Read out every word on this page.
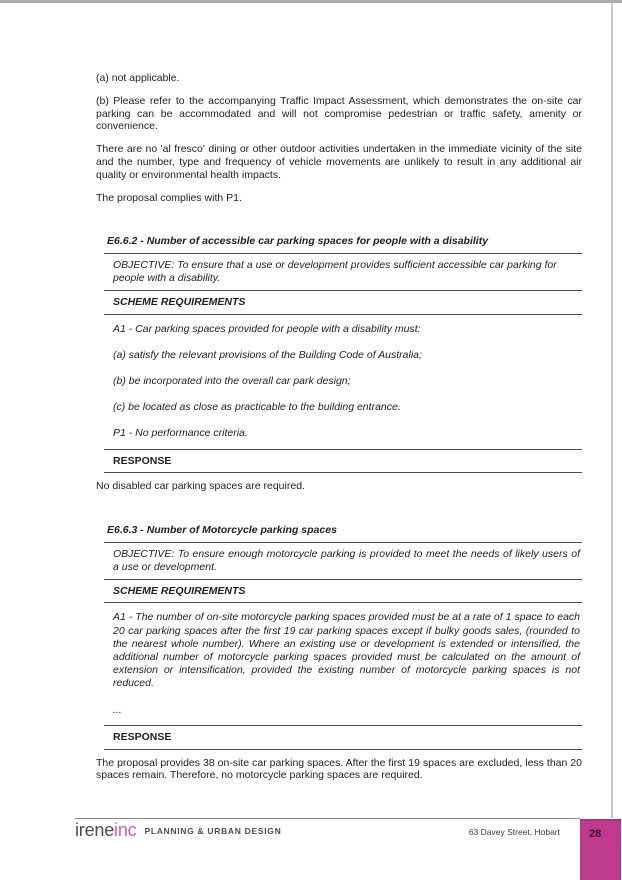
(a) not applicable.

(b) Please refer to the accompanying Traffic Impact Assessment, which demonstrates the on-site car parking can be accommodated and will not compromise pedestrian or traffic safety, amenity or convenience.

There are no 'al fresco' dining or other outdoor activities undertaken in the immediate vicinity of the site and the number, type and frequency of vehicle movements are unlikely to result in any additional air quality or environmental health impacts.

The proposal complies with P1.

E6.6.2 - Number of accessible car parking spaces for people with a disability
OBJECTIVE: To ensure that a use or development provides sufficient accessible car parking for people with a disability.
SCHEME REQUIREMENTS

A1 - Car parking spaces provided for people with a disability must:

(a) satisfy the relevant provisions of the Building Code of Australia;

(b) be incorporated into the overall car park design;

(c) be located as close as practicable to the building entrance.

P1 - No performance criteria.

RESPONSE

No disabled car parking spaces are required.

E6.6.3 - Number of Motorcycle parking spaces
OBJECTIVE: To ensure enough motorcycle parking is provided to meet the needs of likely users of a use or development.
SCHEME REQUIREMENTS

A1 - The number of on-site motorcycle parking spaces provided must be at a rate of 1 space to each 20 car parking spaces after the first 19 car parking spaces except if bulky goods sales, (rounded to the nearest whole number). Where an existing use or development is extended or intensified, the additional number of motorcycle parking spaces provided must be calculated on the amount of extension or intensification, provided the existing number of motorcycle parking spaces is not reduced.

...

RESPONSE

The proposal provides 38 on-site car parking spaces. After the first 19 spaces are excluded, less than 20 spaces remain. Therefore, no motorcycle parking spaces are required.

ireneinc PLANNING & URBAN DESIGN	63 Davey Street, Hobart	28
